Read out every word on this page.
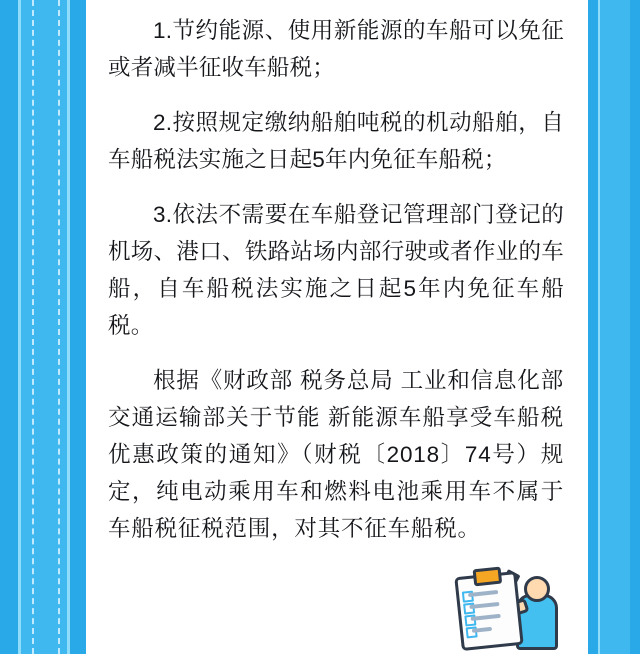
1.节约能源、使用新能源的车船可以免征或者减半征收车船税；

2.按照规定缴纳船舶吨税的机动船舶，自车船税法实施之日起5年内免征车船税；

3.依法不需要在车船登记管理部门登记的机场、港口、铁路站场内部行驶或者作业的车船，自车船税法实施之日起5年内免征车船税。

根据《财政部 税务总局 工业和信息化部 交通运输部关于节能 新能源车船享受车船税优惠政策的通知》（财税〔2018〕74号）规定，纯电动乘用车和燃料电池乘用车不属于车船税征税范围，对其不征车船税。
